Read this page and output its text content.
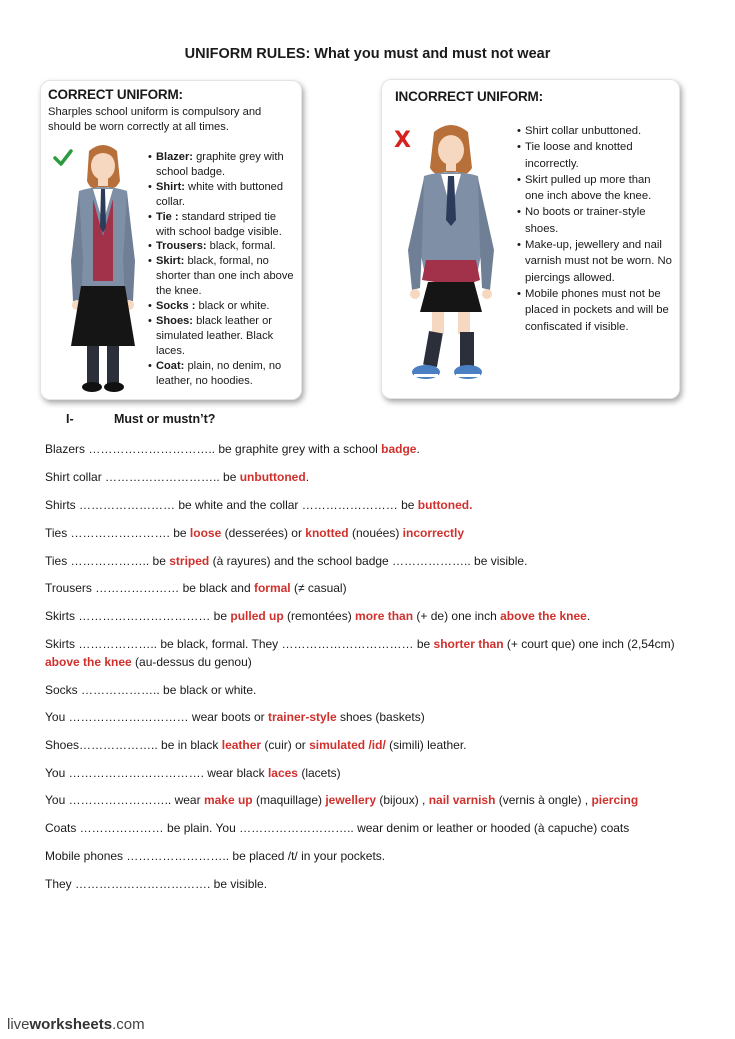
UNIFORM RULES: What you must and must not wear
CORRECT UNIFORM:
Sharples school uniform is compulsory and should be worn correctly at all times.
• Blazer: graphite grey with school badge.
• Shirt: white with buttoned collar.
• Tie : standard striped tie with school badge visible.
• Trousers: black, formal.
• Skirt: black, formal, no shorter than one inch above the knee.
• Socks : black or white.
• Shoes: black leather or simulated leather. Black laces.
• Coat: plain, no denim, no leather, no hoodies.
INCORRECT UNIFORM:
X
•	Shirt collar unbuttoned.
• Tie loose and knotted incorrectly.
• Skirt pulled up more than one inch above the knee.
• No boots or trainer-style shoes.
• Make-up, jewellery and nail varnish must not be worn. No piercings allowed.
• Mobile phones must not be placed in pockets and will be confiscated if visible.
I-	Must or mustn’t?
Blazers ………………………….. be graphite grey with a school badge.
Shirt collar ……………………….. be unbuttoned.
Shirts …………………… be white and the collar …………………… be buttoned.
Ties ……………………. be loose (desserées) or knotted (nouées) incorrectly
Ties ……………….. be striped (à rayures) and the school badge ……………….. be visible.
Trousers ………………… be black and formal (≠ casual)
Skirts …………………………… be pulled up (remontées) more than (+ de) one inch above the knee.
Skirts ……………….. be black, formal. They …………………………… be shorter than (+ court que) one inch (2,54cm) above the knee (au-dessus du genou)
Socks ……………….. be black or white.
You ………………………… wear boots or trainer-style shoes (baskets)
Shoes……………….. be in black leather (cuir) or simulated /id/ (simili) leather.
You ……………………………. wear black laces (lacets)
You …………………….. wear make up (maquillage) jewellery (bijoux) , nail varnish (vernis à ongle) , piercing
Coats ………………… be plain. You ……………………….. wear denim or leather or hooded (à capuche) coats
Mobile phones …………………….. be placed /t/ in your pockets.
They ……………………………. be visible.
liveworksheets.com
